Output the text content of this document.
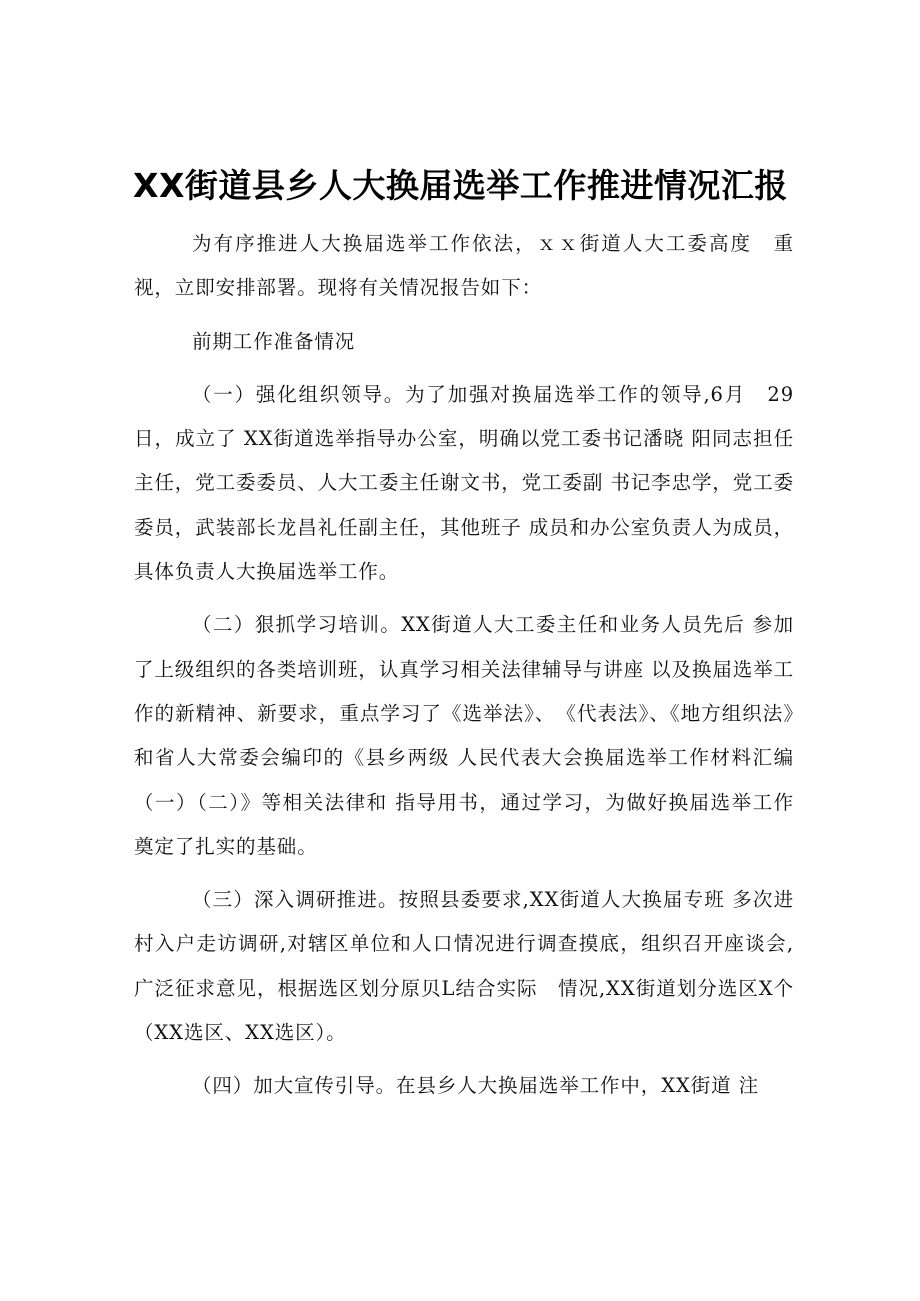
XX街道县乡人大换届选举工作推进情况汇报

为有序推进人大换届选举工作依法，ｘｘ街道人大工委高度　重视，立即安排部署。现将有关情况报告如下：

前期工作准备情况

（一）强化组织领导。为了加强对换届选举工作的领导,6月　29日，成立了 XX街道选举指导办公室，明确以党工委书记潘晓 阳同志担任主任，党工委委员、人大工委主任谢文书，党工委副 书记李忠学，党工委委员，武装部长龙昌礼任副主任，其他班子 成员和办公室负责人为成员，具体负责人大换届选举工作。

（二）狠抓学习培训。XX街道人大工委主任和业务人员先后 参加了上级组织的各类培训班，认真学习相关法律辅导与讲座 以及换届选举工作的新精神、新要求，重点学习了《选举法》、　《代表法》、《地方组织法》和省人大常委会编印的《县乡两级 人民代表大会换届选举工作材料汇编（一）（二）》等相关法律和 指导用书，通过学习，为做好换届选举工作奠定了扎实的基础。

（三）深入调研推进。按照县委要求,XX街道人大换届专班 多次进村入户走访调研,对辖区单位和人口情况进行调查摸底，组织召开座谈会,广泛征求意见，根据选区划分原贝L结合实际　情况,XX街道划分选区X个（XX选区、XX选区）。

（四）加大宣传引导。在县乡人大换届选举工作中，XX街道 注
